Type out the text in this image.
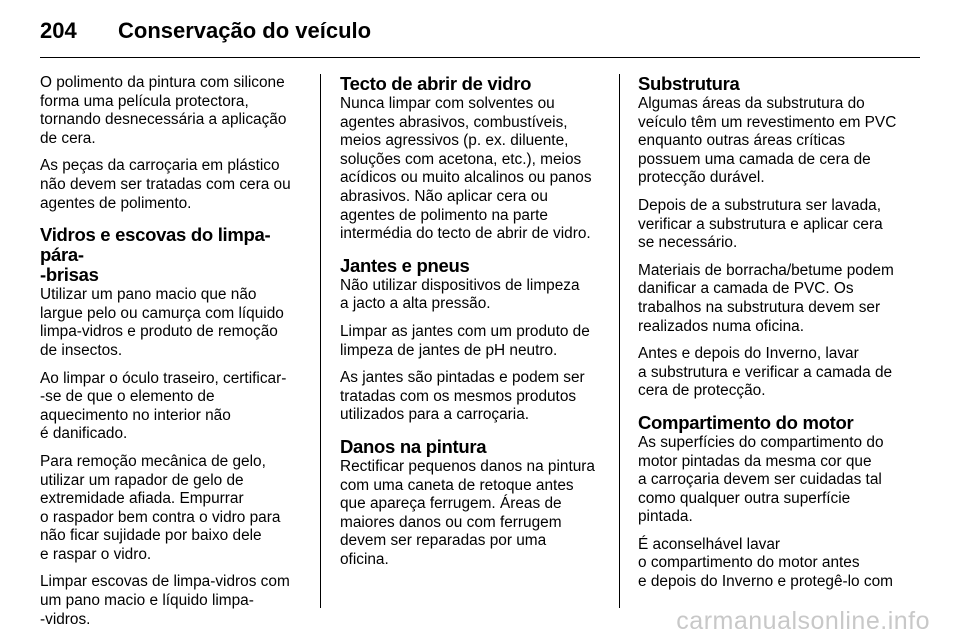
204	Conservação do veículo

O polimento da pintura com silicone
forma uma película protectora,
tornando desnecessária a aplicação
de cera.

As peças da carroçaria em plástico
não devem ser tratadas com cera ou
agentes de polimento.

Vidros e escovas do limpa-pára-
-brisas

Utilizar um pano macio que não
largue pelo ou camurça com líquido
limpa-vidros e produto de remoção
de insectos.

Ao limpar o óculo traseiro, certificar-
-se de que o elemento de
aquecimento no interior não
é danificado.

Para remoção mecânica de gelo,
utilizar um rapador de gelo de
extremidade afiada. Empurrar
o raspador bem contra o vidro para
não ficar sujidade por baixo dele
e raspar o vidro.

Limpar escovas de limpa-vidros com
um pano macio e líquido limpa-
-vidros.

Tecto de abrir de vidro

Nunca limpar com solventes ou
agentes abrasivos, combustíveis,
meios agressivos (p. ex. diluente,
soluções com acetona, etc.), meios
acídicos ou muito alcalinos ou panos
abrasivos. Não aplicar cera ou
agentes de polimento na parte
intermédia do tecto de abrir de vidro.

Jantes e pneus

Não utilizar dispositivos de limpeza
a jacto a alta pressão.

Limpar as jantes com um produto de
limpeza de jantes de pH neutro.

As jantes são pintadas e podem ser
tratadas com os mesmos produtos
utilizados para a carroçaria.

Danos na pintura

Rectificar pequenos danos na pintura
com uma caneta de retoque antes
que apareça ferrugem. Áreas de
maiores danos ou com ferrugem
devem ser reparadas por uma
oficina.

Substrutura

Algumas áreas da substrutura do
veículo têm um revestimento em PVC
enquanto outras áreas críticas
possuem uma camada de cera de
protecção durável.

Depois de a substrutura ser lavada,
verificar a substrutura e aplicar cera
se necessário.

Materiais de borracha/betume podem
danificar a camada de PVC. Os
trabalhos na substrutura devem ser
realizados numa oficina.

Antes e depois do Inverno, lavar
a substrutura e verificar a camada de
cera de protecção.

Compartimento do motor

As superfícies do compartimento do
motor pintadas da mesma cor que
a carroçaria devem ser cuidadas tal
como qualquer outra superfície
pintada.

É aconselhável lavar
o compartimento do motor antes
e depois do Inverno e protegê-lo com

carmanualsonline.info
